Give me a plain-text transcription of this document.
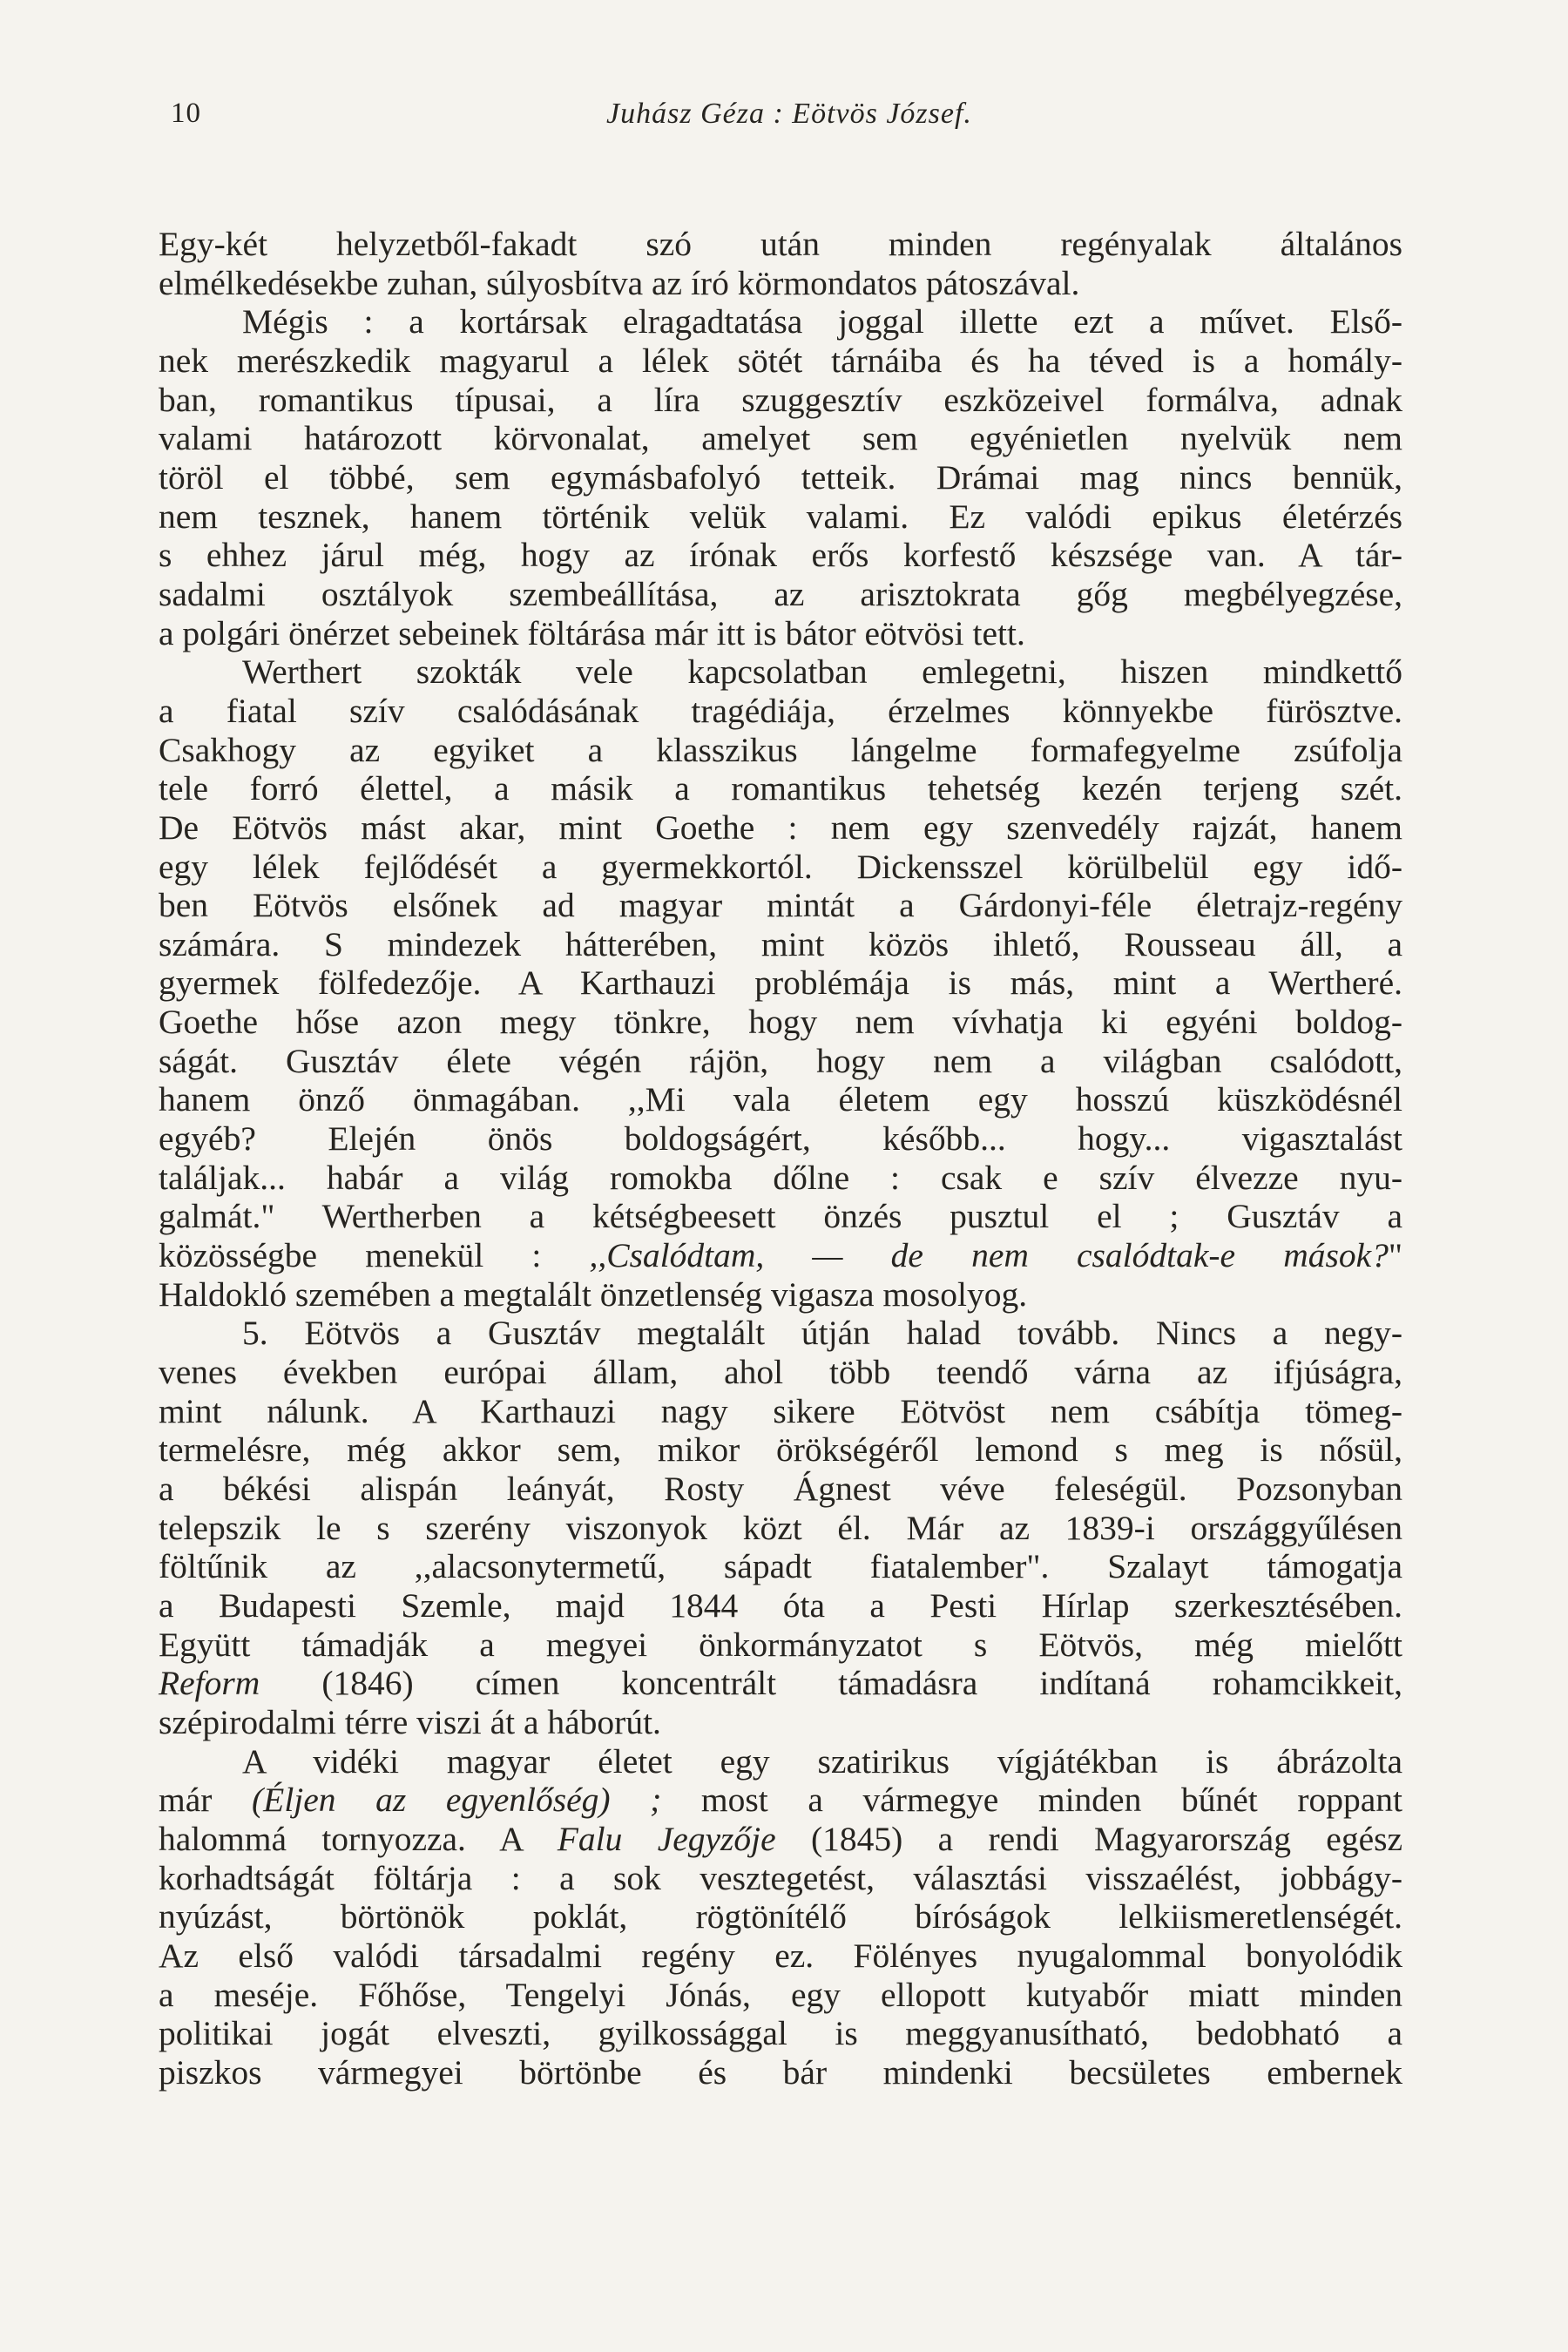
10	Juhász Géza : Eötvös József.

Egy-két helyzetből-fakadt szó után minden regényalak általános
elmélkedésekbe zuhan, súlyosbítva az író körmondatos pátoszával.

Mégis : a kortársak elragadtatása joggal illette ezt a művet. Első-
nek merészkedik magyarul a lélek sötét tárnáiba és ha téved is a homály-
ban, romantikus típusai, a líra szuggesztív eszközeivel formálva, adnak
valami határozott körvonalat, amelyet sem egyénietlen nyelvük nem
töröl el többé, sem egymásbafolyó tetteik. Drámai mag nincs bennük,
nem tesznek, hanem történik velük valami. Ez valódi epikus életérzés
s ehhez járul még, hogy az írónak erős korfestő készsége van. A tár-
sadalmi osztályok szembeállítása, az arisztokrata gőg megbélyegzése,
a polgári önérzet sebeinek föltárása már itt is bátor eötvösi tett.

Werthert szokták vele kapcsolatban emlegetni, hiszen mindkettő
a fiatal szív csalódásának tragédiája, érzelmes könnyekbe fürösztve.
Csakhogy az egyiket a klasszikus lángelme formafegyelme zsúfolja
tele forró élettel, a másik a romantikus tehetség kezén terjeng szét.
De Eötvös mást akar, mint Goethe : nem egy szenvedély rajzát, hanem
egy lélek fejlődését a gyermekkortól. Dickensszel körülbelül egy idő-
ben Eötvös elsőnek ad magyar mintát a Gárdonyi-féle életrajz-regény
számára. S mindezek hátterében, mint közös ihlető, Rousseau áll, a
gyermek fölfedezője. A Karthauzi problémája is más, mint a Wertheré.
Goethe hőse azon megy tönkre, hogy nem vívhatja ki egyéni boldog-
ságát. Gusztáv élete végén rájön, hogy nem a világban csalódott,
hanem önző önmagában. ,,Mi vala életem egy hosszú küszködésnél
egyéb? Elején önös boldogságért, később... hogy... vigasztalást
találjak... habár a világ romokba dőlne : csak e szív élvezze nyu-
galmát." Wertherben a kétségbeesett önzés pusztul el ; Gusztáv a
közösségbe menekül : ,,Csalódtam, — de nem csalódtak-e mások?"
Haldokló szemében a megtalált önzetlenség vigasza mosolyog.

5. Eötvös a Gusztáv megtalált útján halad tovább. Nincs a negy-
venes években európai állam, ahol több teendő várna az ifjúságra,
mint nálunk. A Karthauzi nagy sikere Eötvöst nem csábítja tömeg-
termelésre, még akkor sem, mikor örökségéről lemond s meg is nősül,
a békési alispán leányát, Rosty Ágnest véve feleségül. Pozsonyban
telepszik le s szerény viszonyok közt él. Már az 1839-i országgyűlésen
föltűnik az ,,alacsonytermetű, sápadt fiatalember". Szalayt támogatja
a Budapesti Szemle, majd 1844 óta a Pesti Hírlap szerkesztésében.
Együtt támadják a megyei önkormányzatot s Eötvös, még mielőtt
Reform (1846) címen koncentrált támadásra indítaná rohamcikkeit,
szépirodalmi térre viszi át a háborút.

A vidéki magyar életet egy szatirikus vígjátékban is ábrázolta
már (Éljen az egyenlőség) ; most a vármegye minden bűnét roppant
halommá tornyozza. A Falu Jegyzője (1845) a rendi Magyarország egész
korhadtságát föltárja : a sok vesztegetést, választási visszaélést, jobbágy-
nyúzást, börtönök poklát, rögtönítélő bíróságok lelkiismeretlenségét.
Az első valódi társadalmi regény ez. Fölényes nyugalommal bonyolódik
a meséje. Főhőse, Tengelyi Jónás, egy ellopott kutyabőr miatt minden
politikai jogát elveszti, gyilkossággal is meggyanusítható, bedobható a
piszkos vármegyei börtönbe és bár mindenki becsületes embernek
